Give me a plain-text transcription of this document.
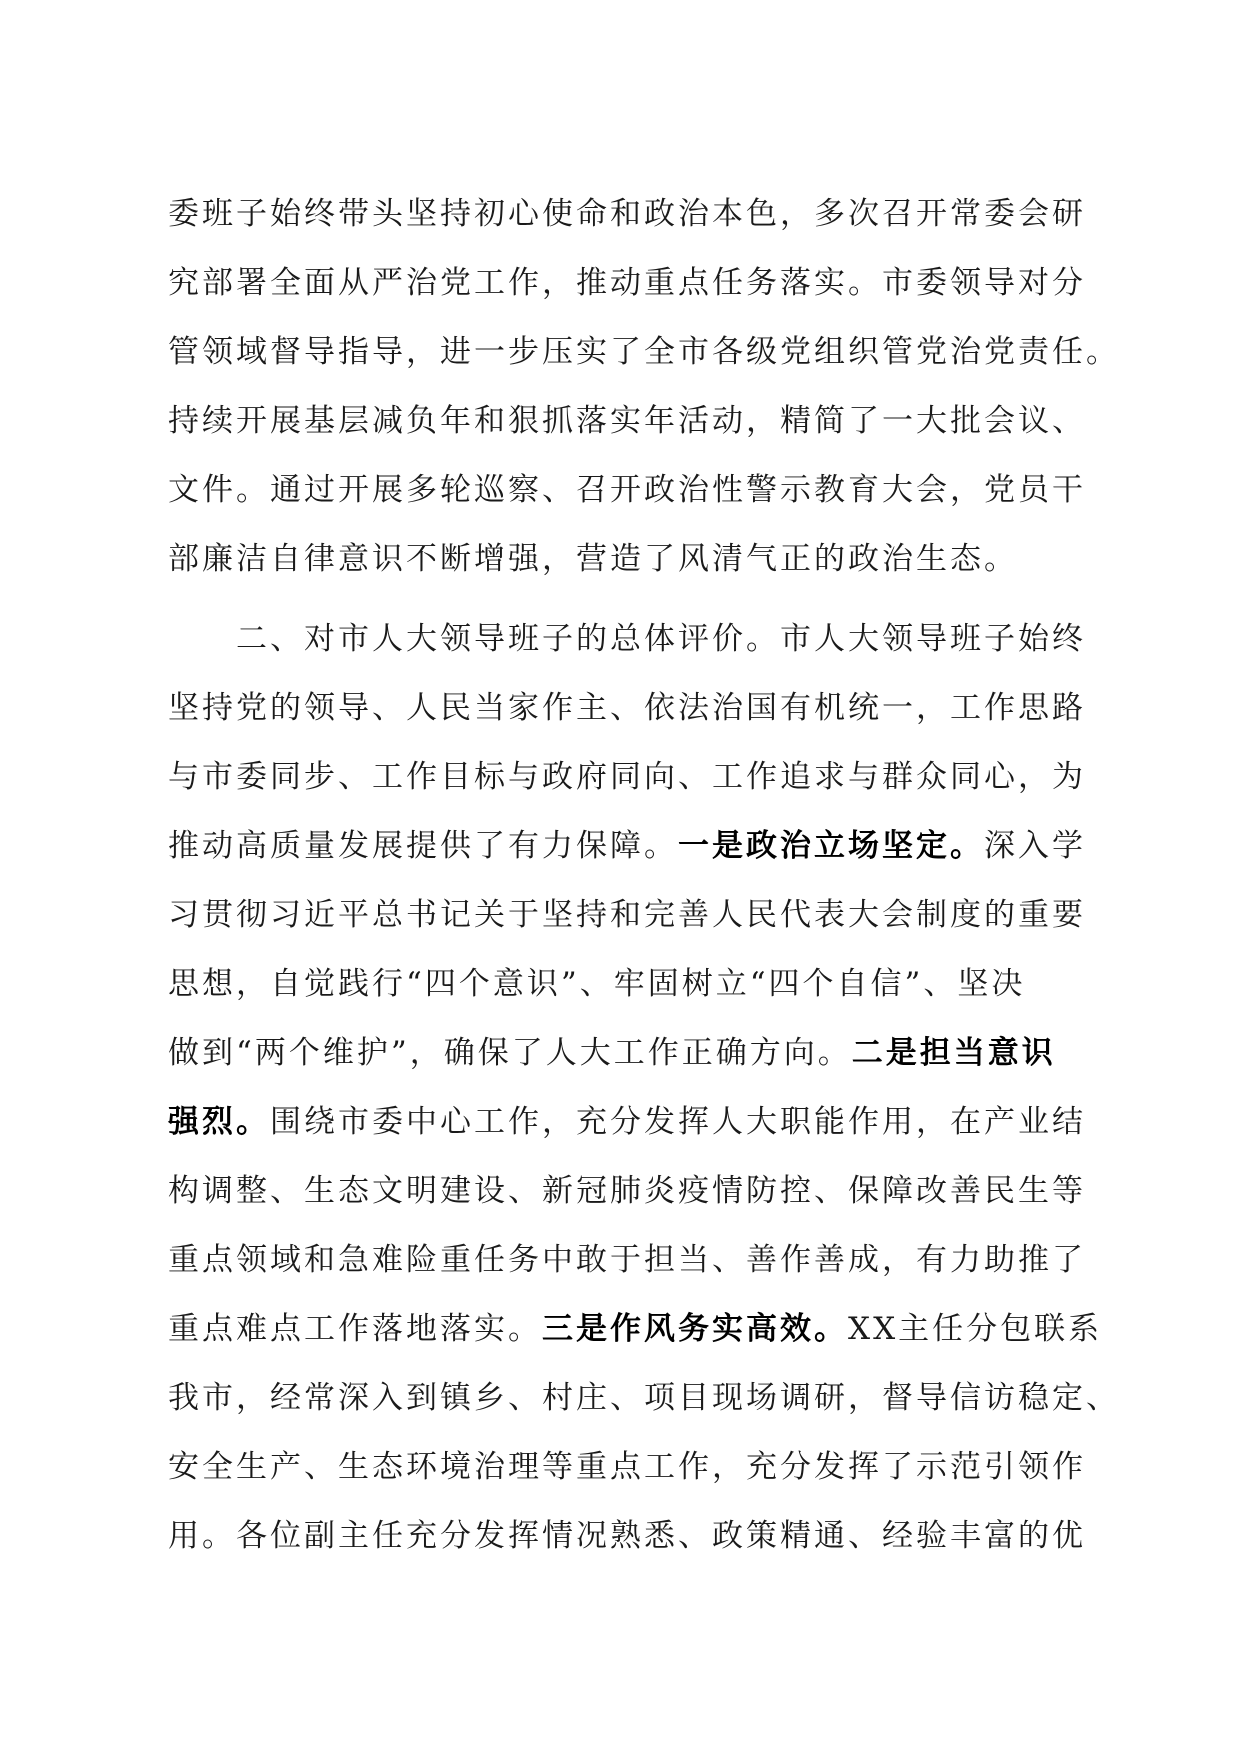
委班子始终带头坚持初心使命和政治本色，多次召开常委会研

究部署全面从严治党工作，推动重点任务落实。市委领导对分

管领域督导指导，进一步压实了全市各级党组织管党治党责任。

持续开展基层减负年和狠抓落实年活动，精简了一大批会议、

文件。通过开展多轮巡察、召开政治性警示教育大会，党员干

部廉洁自律意识不断增强，营造了风清气正的政治生态。

二、对市人大领导班子的总体评价。市人大领导班子始终

坚持党的领导、人民当家作主、依法治国有机统一，工作思路

与市委同步、工作目标与政府同向、工作追求与群众同心，为

推动高质量发展提供了有力保障。一是政治立场坚定。深入学

习贯彻习近平总书记关于坚持和完善人民代表大会制度的重要

思想，自觉践行“四个意识”、牢固树立“四个自信”、坚决

做到“两个维护”，确保了人大工作正确方向。二是担当意识

强烈。围绕市委中心工作，充分发挥人大职能作用，在产业结

构调整、生态文明建设、新冠肺炎疫情防控、保障改善民生等

重点领域和急难险重任务中敢于担当、善作善成，有力助推了

重点难点工作落地落实。三是作风务实高效。XX主任分包联系

我市，经常深入到镇乡、村庄、项目现场调研，督导信访稳定、

安全生产、生态环境治理等重点工作，充分发挥了示范引领作

用。各位副主任充分发挥情况熟悉、政策精通、经验丰富的优
